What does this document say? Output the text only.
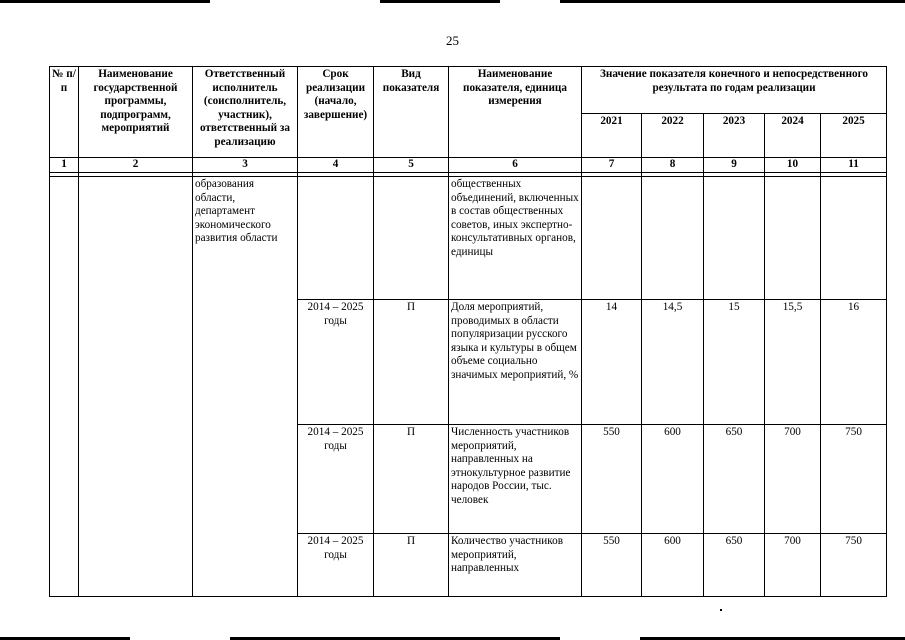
25
№ п/п	Наименование государственной программы, подпрограмм, мероприятий	Ответственный исполнитель (соисполнитель, участник), ответственный за реализацию	Срок реализации (начало, завершение)	Вид показателя	Наименование показателя, единица измерения	Значение показателя конечного и непосредственного результата по годам реализации				
						2021	2022	2023	2024	2025
1	2	3	4	5	6	7	8	9	10	11

		образования области, департамент экономического развития области			общественных объединений, включенных в состав общественных советов, иных экспертно-консультативных органов, единицы					
			2014 – 2025 годы	П	Доля мероприятий, проводимых в области популяризации русского языка и культуры в общем объеме социально значимых мероприятий, %	14	14,5	15	15,5	16
			2014 – 2025 годы	П	Численность участников мероприятий, направленных на этнокультурное развитие народов России, тыс. человек	550	600	650	700	750
			2014 – 2025 годы	П	Количество участников мероприятий, направленных	550	600	650	700	750
